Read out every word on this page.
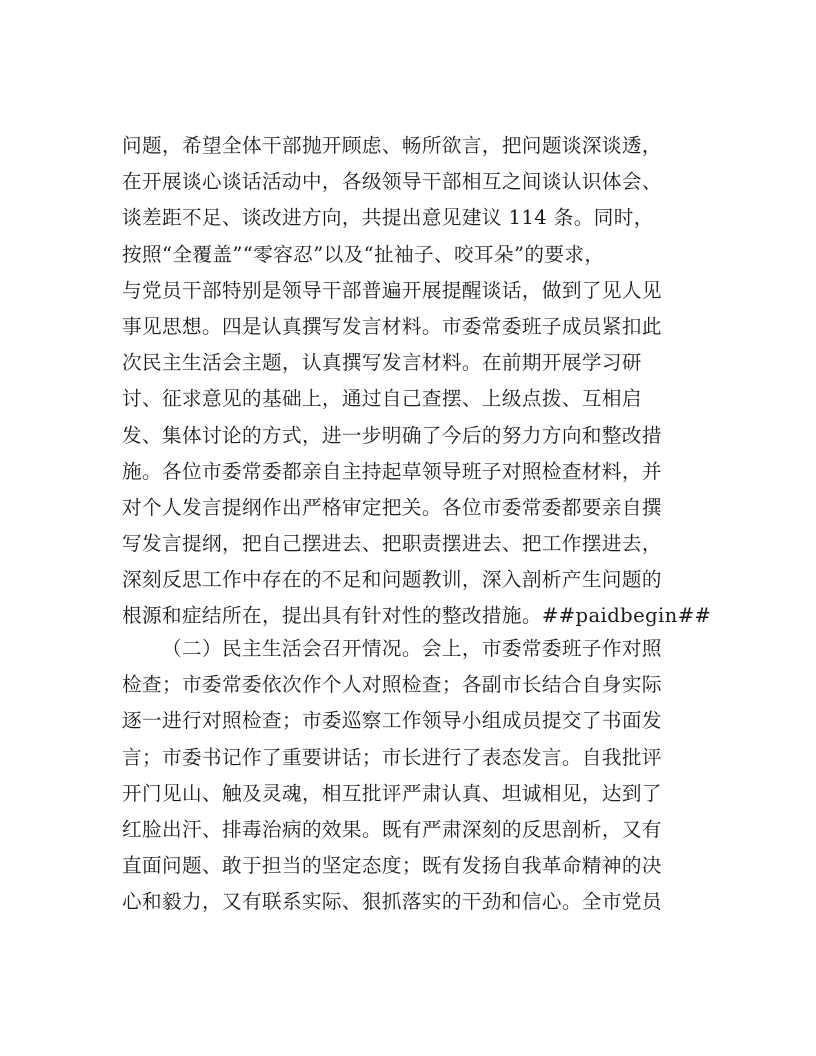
问题，希望全体干部抛开顾虑、畅所欲言，把问题谈深谈透，
在开展谈心谈话活动中，各级领导干部相互之间谈认识体会、
谈差距不足、谈改进方向，共提出意见建议 114 条。同时，
按照“全覆盖”“零容忍”以及“扯袖子、咬耳朵”的要求，
与党员干部特别是领导干部普遍开展提醒谈话，做到了见人见
事见思想。四是认真撰写发言材料。市委常委班子成员紧扣此
次民主生活会主题，认真撰写发言材料。在前期开展学习研
讨、征求意见的基础上，通过自己查摆、上级点拨、互相启
发、集体讨论的方式，进一步明确了今后的努力方向和整改措
施。各位市委常委都亲自主持起草领导班子对照检查材料，并
对个人发言提纲作出严格审定把关。各位市委常委都要亲自撰
写发言提纲，把自己摆进去、把职责摆进去、把工作摆进去，
深刻反思工作中存在的不足和问题教训，深入剖析产生问题的
根源和症结所在，提出具有针对性的整改措施。##paidbegin##
（二）民主生活会召开情况。会上，市委常委班子作对照
检查；市委常委依次作个人对照检查；各副市长结合自身实际
逐一进行对照检查；市委巡察工作领导小组成员提交了书面发
言；市委书记作了重要讲话；市长进行了表态发言。自我批评
开门见山、触及灵魂，相互批评严肃认真、坦诚相见，达到了
红脸出汗、排毒治病的效果。既有严肃深刻的反思剖析，又有
直面问题、敢于担当的坚定态度；既有发扬自我革命精神的决
心和毅力，又有联系实际、狠抓落实的干劲和信心。全市党员
